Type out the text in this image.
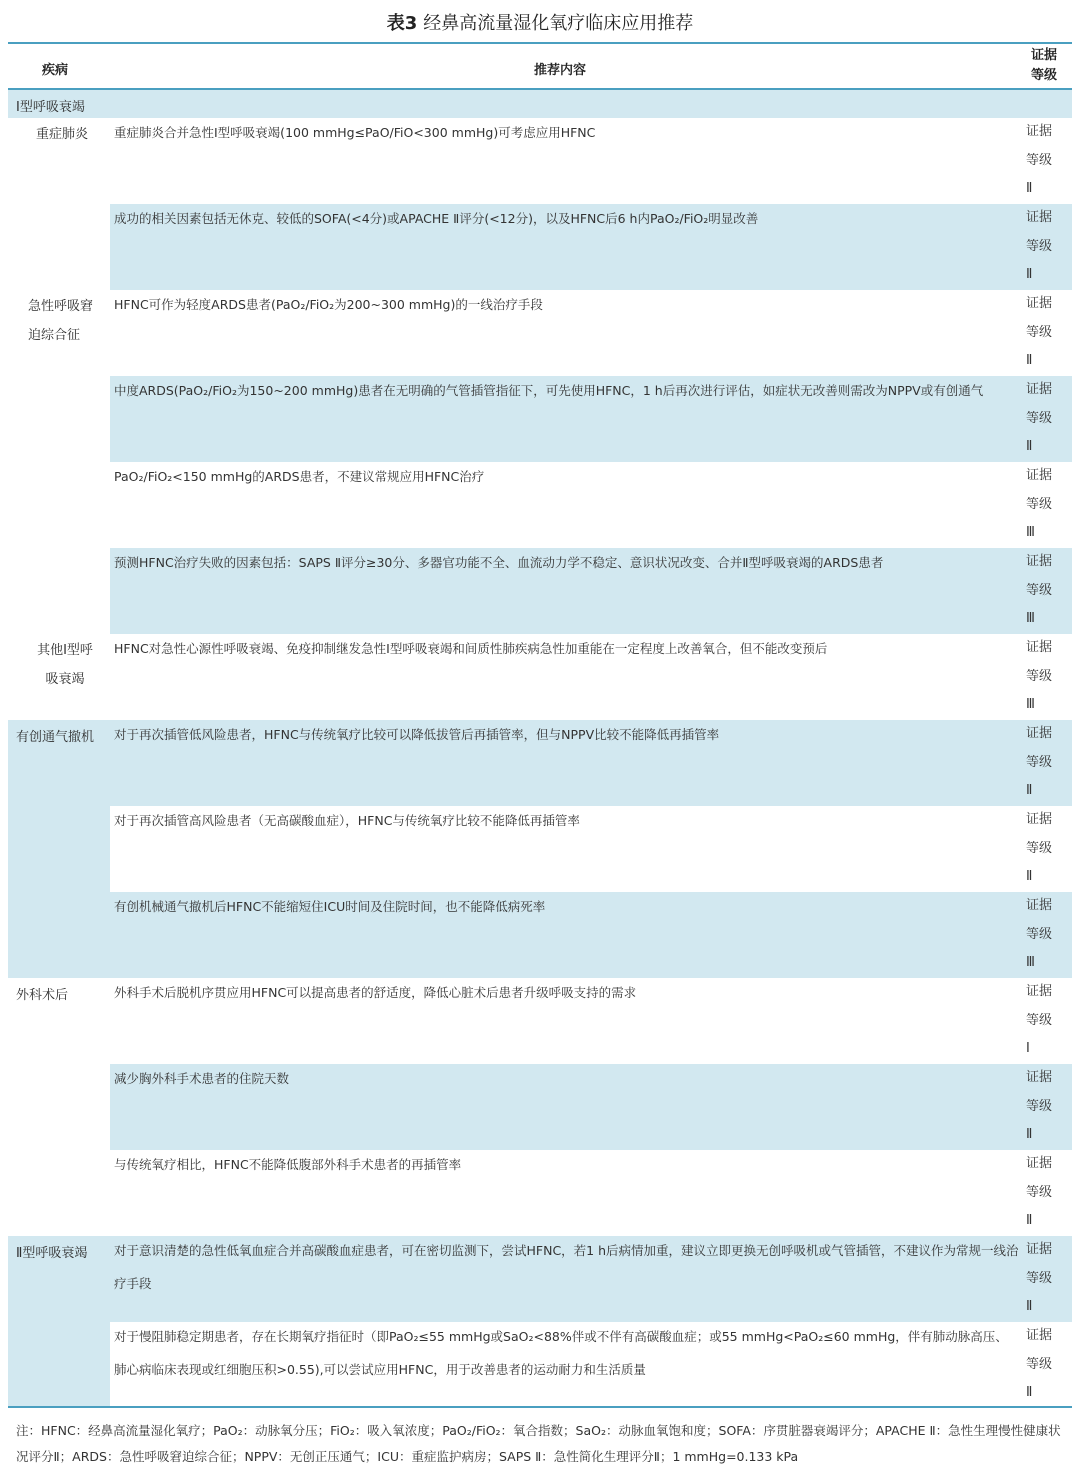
表3 经鼻高流量湿化氧疗临床应用推荐
疾病	推荐内容
证据
等级
Ⅰ型呼吸衰竭
有创通气撤机
外科术后
Ⅱ型呼吸衰竭
重症肺炎
急性呼吸窘迫综合征
其他Ⅰ型呼吸衰竭
重症肺炎合并急性Ⅰ型呼吸衰竭(100 mmHg≤PaO/FiO<300 mmHg)可考虑应用HFNC
成功的相关因素包括无休克、较低的SOFA(<4分)或APACHE Ⅱ评分(<12分)，以及HFNC后6 h内PaO₂/FiO₂明显改善
HFNC可作为轻度ARDS患者(PaO₂/FiO₂为200~300 mmHg)的一线治疗手段
中度ARDS(PaO₂/FiO₂为150~200 mmHg)患者在无明确的气管插管指征下，可先使用HFNC，1 h后再次进行评估，如症状无改善则需改为NPPV或有创通气
PaO₂/FiO₂<150 mmHg的ARDS患者，不建议常规应用HFNC治疗
预测HFNC治疗失败的因素包括：SAPS Ⅱ评分≥30分、多器官功能不全、血流动力学不稳定、意识状况改变、合并Ⅱ型呼吸衰竭的ARDS患者
HFNC对急性心源性呼吸衰竭、免疫抑制继发急性Ⅰ型呼吸衰竭和间质性肺疾病急性加重能在一定程度上改善氧合，但不能改变预后
对于再次插管低风险患者，HFNC与传统氧疗比较可以降低拔管后再插管率，但与NPPV比较不能降低再插管率
对于再次插管高风险患者（无高碳酸血症），HFNC与传统氧疗比较不能降低再插管率
有创机械通气撤机后HFNC不能缩短住ICU时间及住院时间，也不能降低病死率
外科手术后脱机序贯应用HFNC可以提高患者的舒适度，降低心脏术后患者升级呼吸支持的需求
减少胸外科手术患者的住院天数
与传统氧疗相比，HFNC不能降低腹部外科手术患者的再插管率
对于意识清楚的急性低氧血症合并高碳酸血症患者，可在密切监测下，尝试HFNC，若1 h后病情加重，建议立即更换无创呼吸机或气管插管，不建议作为常规一线治疗手段
对于慢阻肺稳定期患者，存在长期氧疗指征时（即PaO₂≤55 mmHg或SaO₂<88%伴或不伴有高碳酸血症；或55 mmHg<PaO₂≤60 mmHg，伴有肺动脉高压、肺心病临床表现或红细胞压积>0.55),可以尝试应用HFNC，用于改善患者的运动耐力和生活质量
证据
等级
Ⅱ
证据
等级
Ⅱ
证据
等级
Ⅱ
证据
等级
Ⅱ
证据
等级
Ⅲ
证据
等级
Ⅲ
证据
等级
Ⅲ
证据
等级
Ⅱ
证据
等级
Ⅱ
证据
等级
Ⅲ
证据
等级
Ⅰ
证据
等级
Ⅱ
证据
等级
Ⅱ
证据
等级
Ⅱ
证据
等级
Ⅱ
注：HFNC：经鼻高流量湿化氧疗；PaO₂：动脉氧分压；FiO₂：吸入氧浓度；PaO₂/FiO₂：氧合指数；SaO₂：动脉血氧饱和度；SOFA：序贯脏器衰竭评分；APACHE Ⅱ：急性生理慢性健康状况评分Ⅱ；ARDS：急性呼吸窘迫综合征；NPPV：无创正压通气；ICU：重症监护病房；SAPS Ⅱ：急性简化生理评分Ⅱ；1 mmHg=0.133 kPa
